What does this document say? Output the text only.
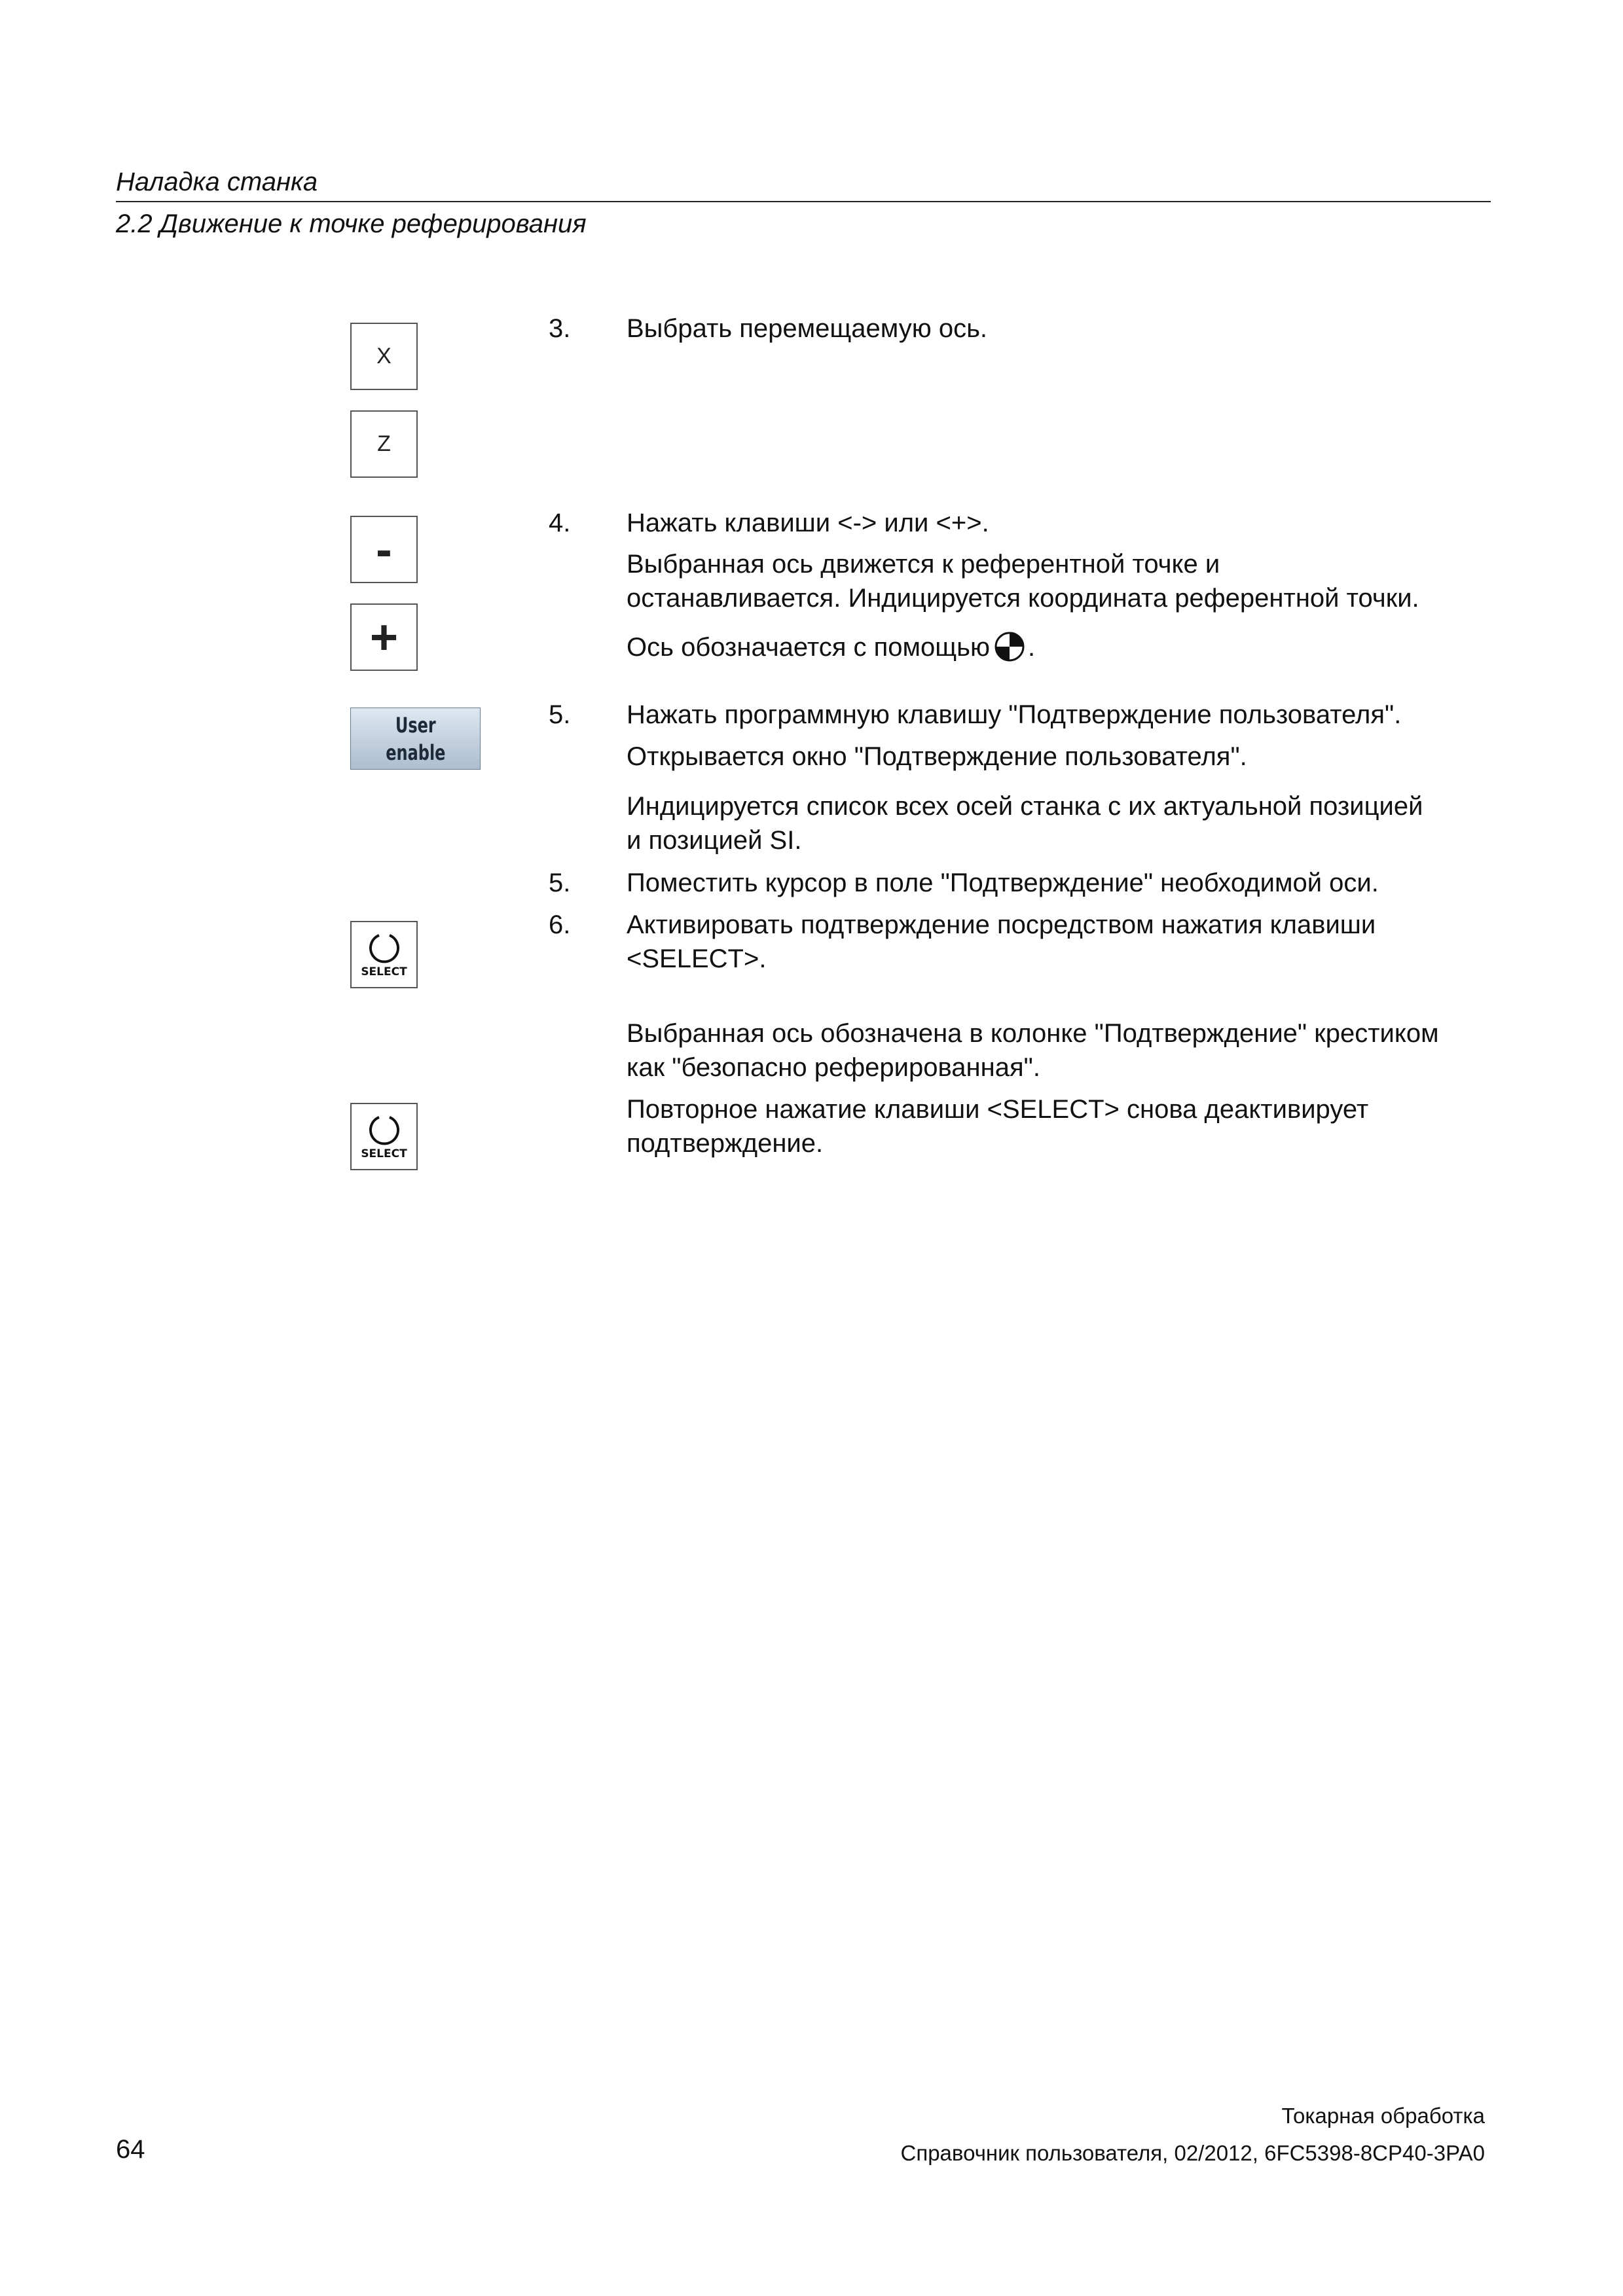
Наладка станка
2.2 Движение к точке реферирования
X
Z
-
+
User
enable
SELECT
SELECT
3. Выбрать перемещаемую ось.
4. Нажать клавиши <-> или <+>.
Выбранная ось движется к референтной точке и
останавливается. Индицируется координата референтной точки.
Ось обозначается с помощью .
5. Нажать программную клавишу "Подтверждение пользователя".
Открывается окно "Подтверждение пользователя".
Индицируется список всех осей станка с их актуальной позицией
и позицией SI.
5. Поместить курсор в поле "Подтверждение" необходимой оси.
6. Активировать подтверждение посредством нажатия клавиши
<SELECT>.
Выбранная ось обозначена в колонке "Подтверждение" крестиком
как "безопасно реферированная".
Повторное нажатие клавиши <SELECT> снова деактивирует
подтверждение.
Токарная обработка
64	Справочник пользователя, 02/2012, 6FC5398-8CP40-3PA0
